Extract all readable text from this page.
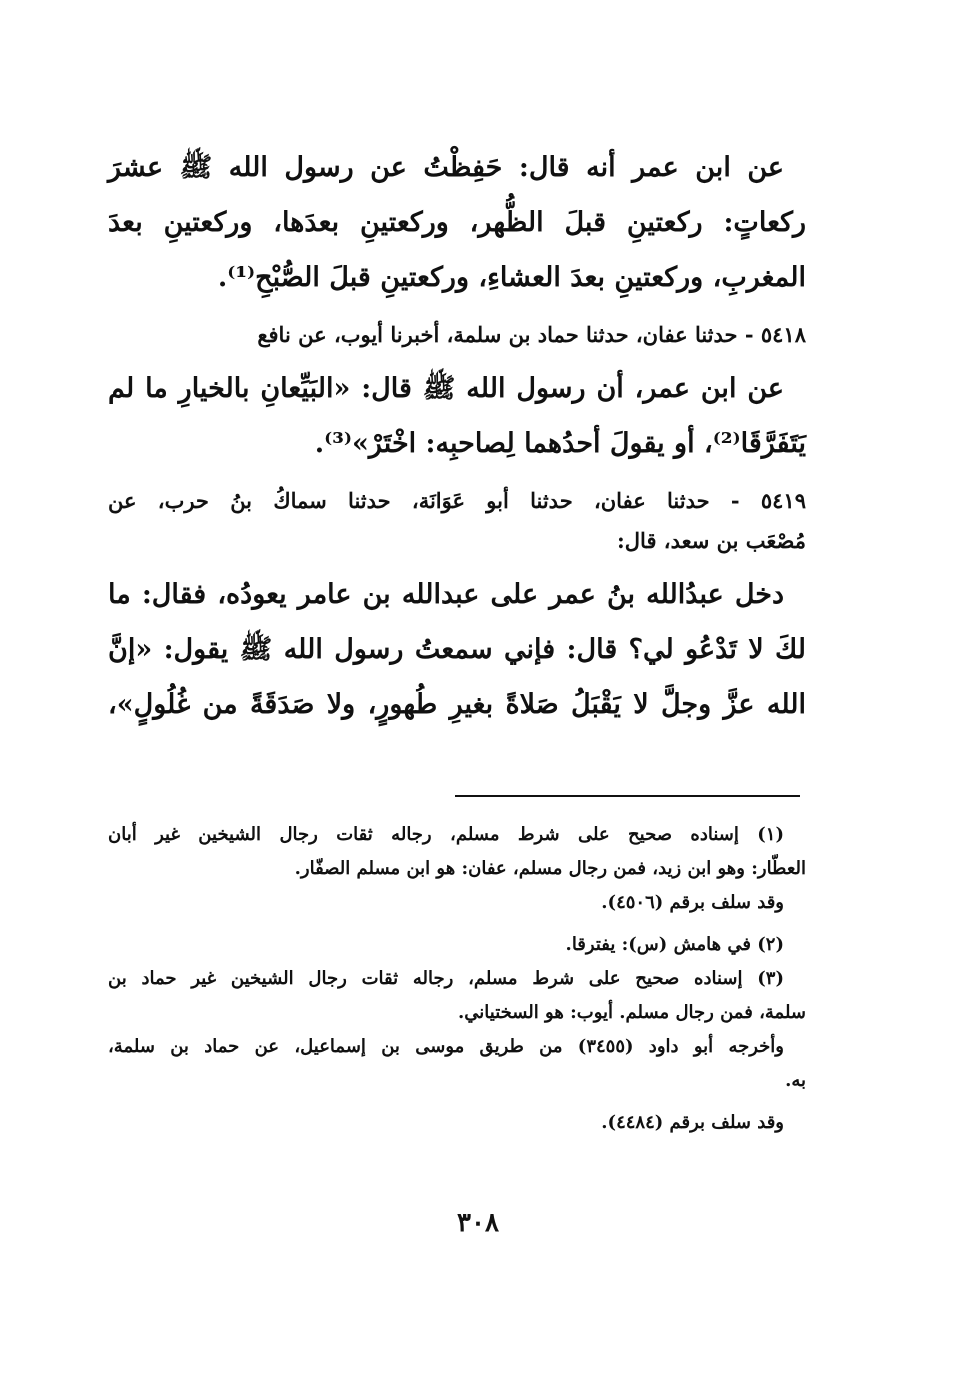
عن ابن عمر أنه قال: حَفِظْتُ عن رسول الله ﷺ عشرَ
ركعاتٍ: ركعتينِ قبلَ الظُّهر، وركعتينِ بعدَها، وركعتينِ بعدَ
المغربِ، وركعتينِ بعدَ العشاءِ، وركعتينِ قبلَ الصُّبْحِ⁽¹⁾.
٥٤١٨ - حدثنا عفان، حدثنا حماد بن سلمة، أخبرنا أيوب، عن نافع
عن ابن عمر، أن رسول الله ﷺ قال: «البَيِّعانِ بالخيارِ ما لم
يَتَفَرَّقَا⁽²⁾، أو يقولَ أحدُهما لِصاحبِه: اخْتَرْ»⁽³⁾.
٥٤١٩ - حدثنا عفان، حدثنا أبو عَوَانَة، حدثنا سماكُ بنُ حرب، عن
مُصْعَب بن سعد، قال:
دخل عبدُالله بنُ عمر على عبدالله بن عامر يعودُه، فقال: ما
لكَ لا تَدْعُو لي؟ قال: فإني سمعتُ رسول الله ﷺ يقول: «إنَّ
الله عزَّ وجلَّ لا يَقْبَلُ صَلاةً بغيرِ طُهورٍ، ولا صَدَقَةً من غُلُولٍ»،
(١) إسناده صحيح على شرط مسلم، رجاله ثقات رجال الشيخين غير أبان
العطّار: وهو ابن زيد، فمن رجال مسلم، عفان: هو ابن مسلم الصفّار.
وقد سلف برقم (٤٥٠٦).
(٢) في هامش (س): يفترقا.
(٣) إسناده صحيح على شرط مسلم، رجاله ثقات رجال الشيخين غير حماد بن
سلمة، فمن رجال مسلم. أيوب: هو السختياني.
وأخرجه أبو داود (٣٤٥٥) من طريق موسى بن إسماعيل، عن حماد بن سلمة،
به.
وقد سلف برقم (٤٤٨٤).
٣٠٨
